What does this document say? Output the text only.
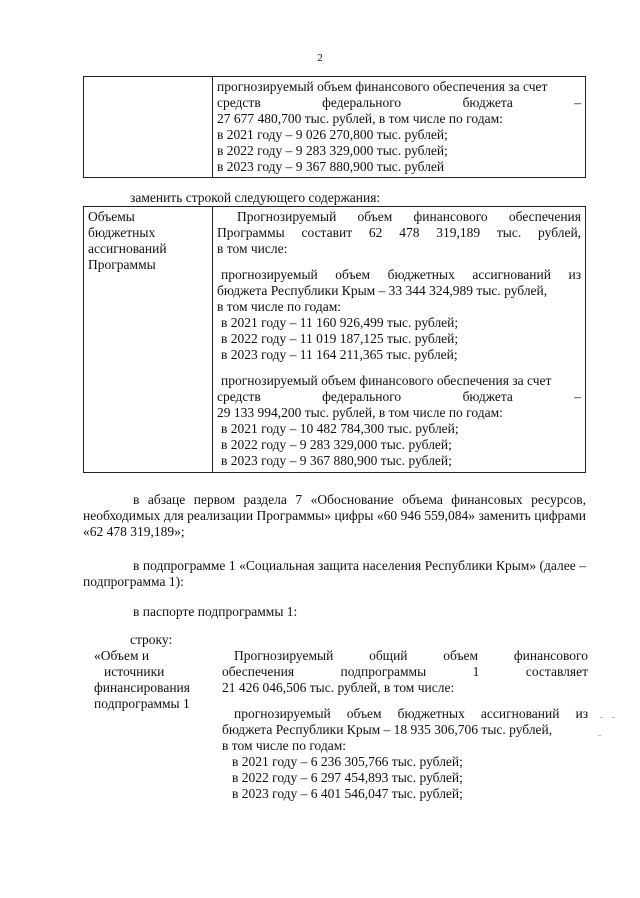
2

прогнозируемый объем финансового обеспечения за счет
средств	федерального	бюджета	–
27 677 480,700 тыс. рублей, в том числе по годам:
в 2021 году – 9 026 270,800 тыс. рублей;
в 2022 году – 9 283 329,000 тыс. рублей;
в 2023 году – 9 367 880,900 тыс. рублей
заменить строкой следующего содержания:
Объемы
бюджетных
ассигнований
Программы

Прогнозируемый объем финансового обеспечения
Программы составит 62 478 319,189 тыс. рублей,
в том числе:
прогнозируемый объем бюджетных ассигнований из
бюджета Республики Крым – 33 344 324,989 тыс. рублей,
в том числе по годам:
в 2021 году – 11 160 926,499 тыс. рублей;
в 2022 году – 11 019 187,125 тыс. рублей;
в 2023 году – 11 164 211,365 тыс. рублей;
прогнозируемый объем финансового обеспечения за счет
средств	федерального	бюджета	–
29 133 994,200 тыс. рублей, в том числе по годам:
в 2021 году – 10 482 784,300 тыс. рублей;
в 2022 году – 9 283 329,000 тыс. рублей;
в 2023 году – 9 367 880,900 тыс. рублей;
в абзаце первом раздела 7 «Обоснование объема финансовых ресурсов, необходимых для реализации Программы» цифры «60 946 559,084» заменить цифрами «62 478 319,189»;
в подпрограмме 1 «Социальная защита населения Республики Крым» (далее – подпрограмма 1):
в паспорте подпрограммы 1:
строку:
«Объем и
источники
финансирования
подпрограммы 1
Прогнозируемый	общий	объем	финансового
обеспечения	подпрограммы	1	составляет
21 426 046,506 тыс. рублей, в том числе:
прогнозируемый объем бюджетных ассигнований из
бюджета Республики Крым – 18 935 306,706 тыс. рублей,
в том числе по годам:
в 2021 году – 6 236 305,766 тыс. рублей;
в 2022 году – 6 297 454,893 тыс. рублей;
в 2023 году – 6 401 546,047 тыс. рублей;
